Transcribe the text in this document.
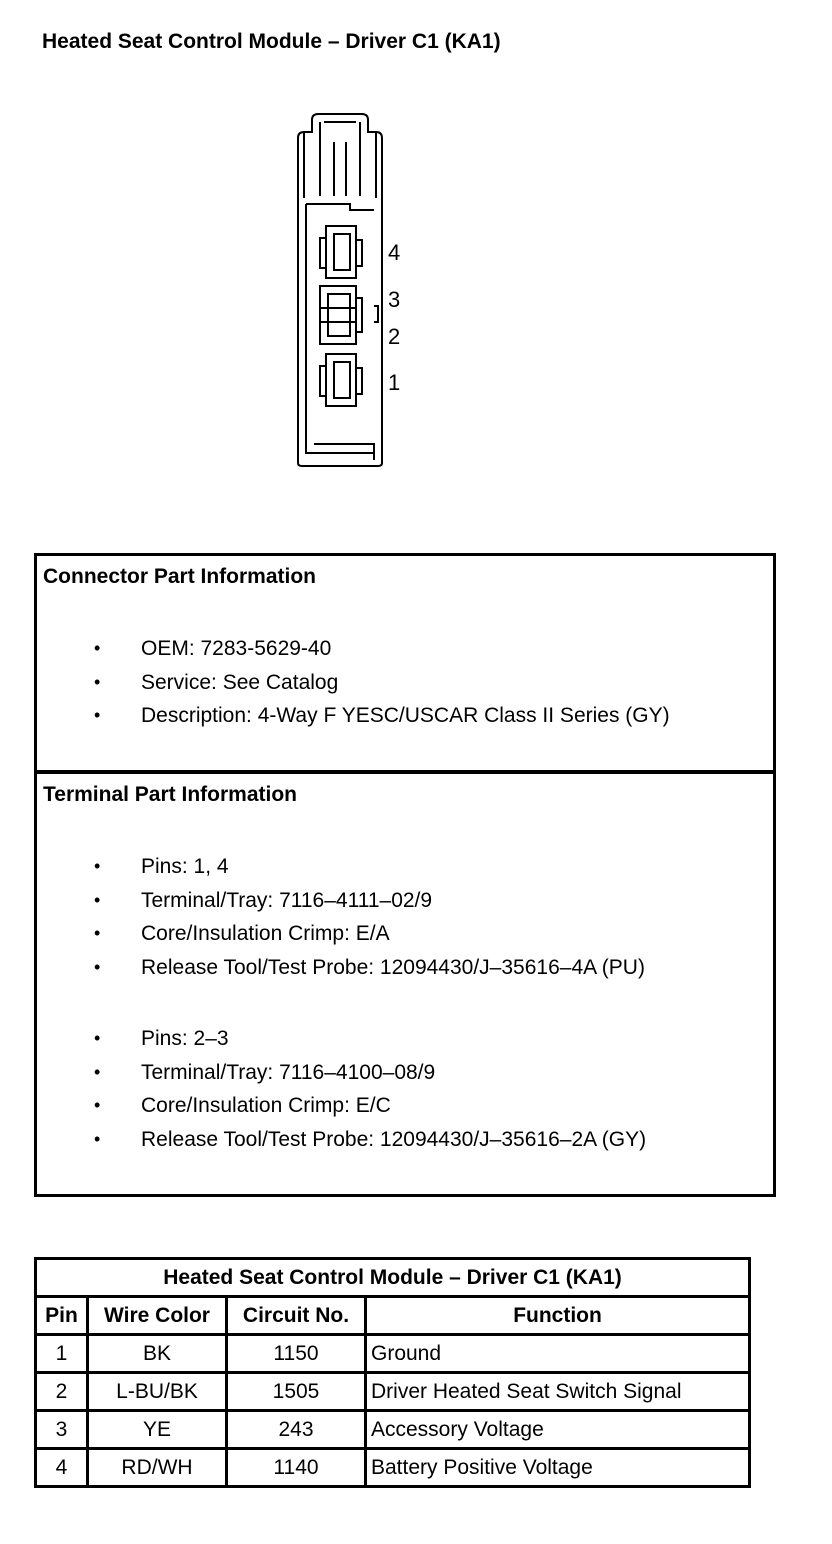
Heated Seat Control Module – Driver C1 (KA1)
4
3
2
1
Connector Part Information
• OEM: 7283-5629-40
• Service: See Catalog
• Description: 4-Way F YESC/USCAR Class II Series (GY)
Terminal Part Information
• Pins: 1, 4
• Terminal/Tray: 7116–4111–02/9
• Core/Insulation Crimp: E/A
• Release Tool/Test Probe: 12094430/J–35616–4A (PU)
• Pins: 2–3
• Terminal/Tray: 7116–4100–08/9
• Core/Insulation Crimp: E/C
• Release Tool/Test Probe: 12094430/J–35616–2A (GY)
Heated Seat Control Module – Driver C1 (KA1)			
Pin	Wire Color	Circuit No.	Function
1	BK	1150	Ground
2	L-BU/BK	1505	Driver Heated Seat Switch Signal
3	YE	243	Accessory Voltage
4	RD/WH	1140	Battery Positive Voltage
